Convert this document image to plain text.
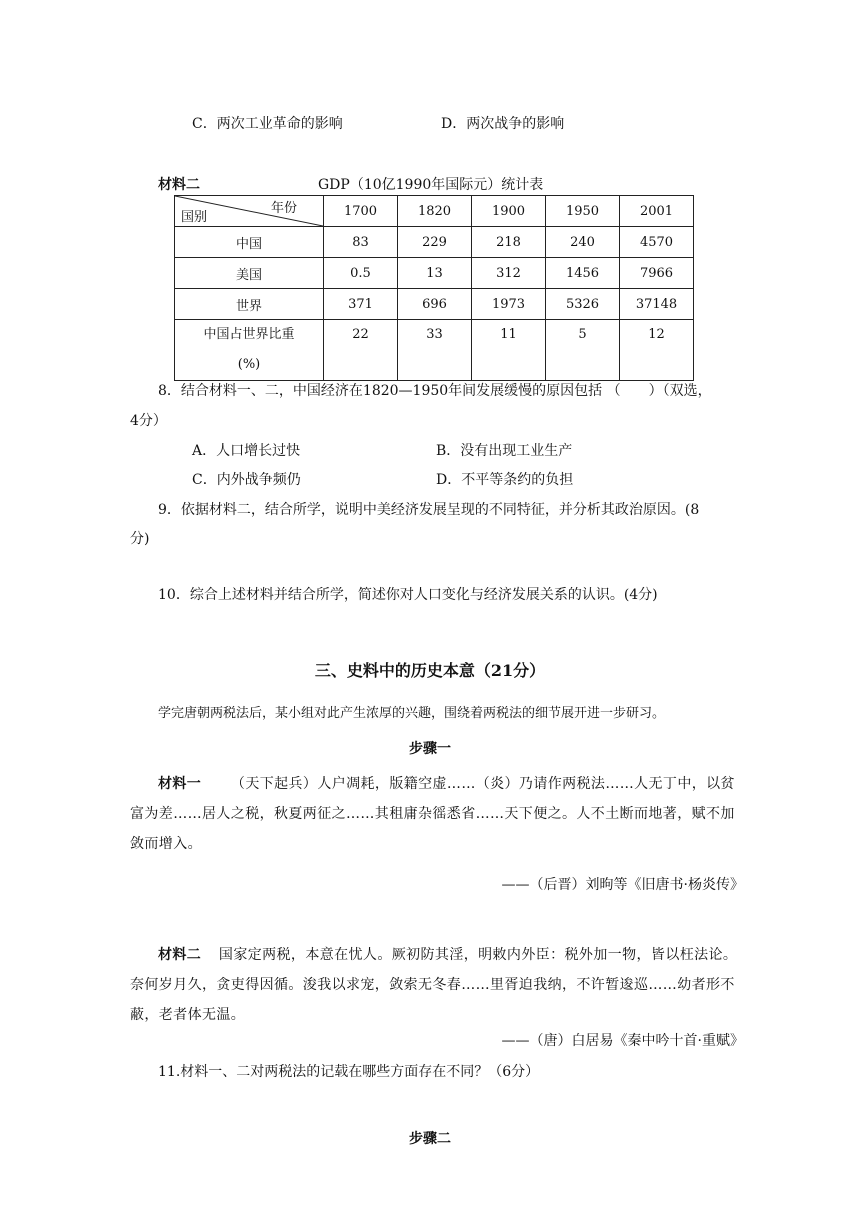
C．两次工业革命的影响	D．两次战争的影响
材料二	GDP（10亿1990年国际元）统计表
年份
国别	1700	1820	1900	1950	2001
中国	83	229	218	240	4570
美国	0.5	13	312	1456	7966
世界	371	696	1973	5326	37148

中国占世界比重
(%)	22	33	11	5	12
8．结合材料一、二，中国经济在1820—1950年间发展缓慢的原因包括 （　　）（双选，
4分）
A．人口增长过快	B．没有出现工业生产
C．内外战争频仍	D．不平等条约的负担
9．依据材料二，结合所学，说明中美经济发展呈现的不同特征，并分析其政治原因。(8
分)
10．综合上述材料并结合所学，简述你对人口变化与经济发展关系的认识。(4分)
三、史料中的历史本意（21分）
学完唐朝两税法后，某小组对此产生浓厚的兴趣，围绕着两税法的细节展开进一步研习。
步骤一
材料一 （天下起兵）人户凋耗，版籍空虚……（炎）乃请作两税法……人无丁中，以贫富为差……居人之税，秋夏两征之……其租庸杂徭悉省……天下便之。人不土断而地著，赋不加敛而增入。
——（后晋）刘昫等《旧唐书·杨炎传》
材料二 国家定两税，本意在忧人。厥初防其淫，明敕内外臣：税外加一物，皆以枉法论。奈何岁月久，贪吏得因循。浚我以求宠，敛索无冬春……里胥迫我纳，不许暂逡巡……幼者形不蔽，老者体无温。
——（唐）白居易《秦中吟十首·重赋》
11.材料一、二对两税法的记载在哪些方面存在不同？（6分）
步骤二
